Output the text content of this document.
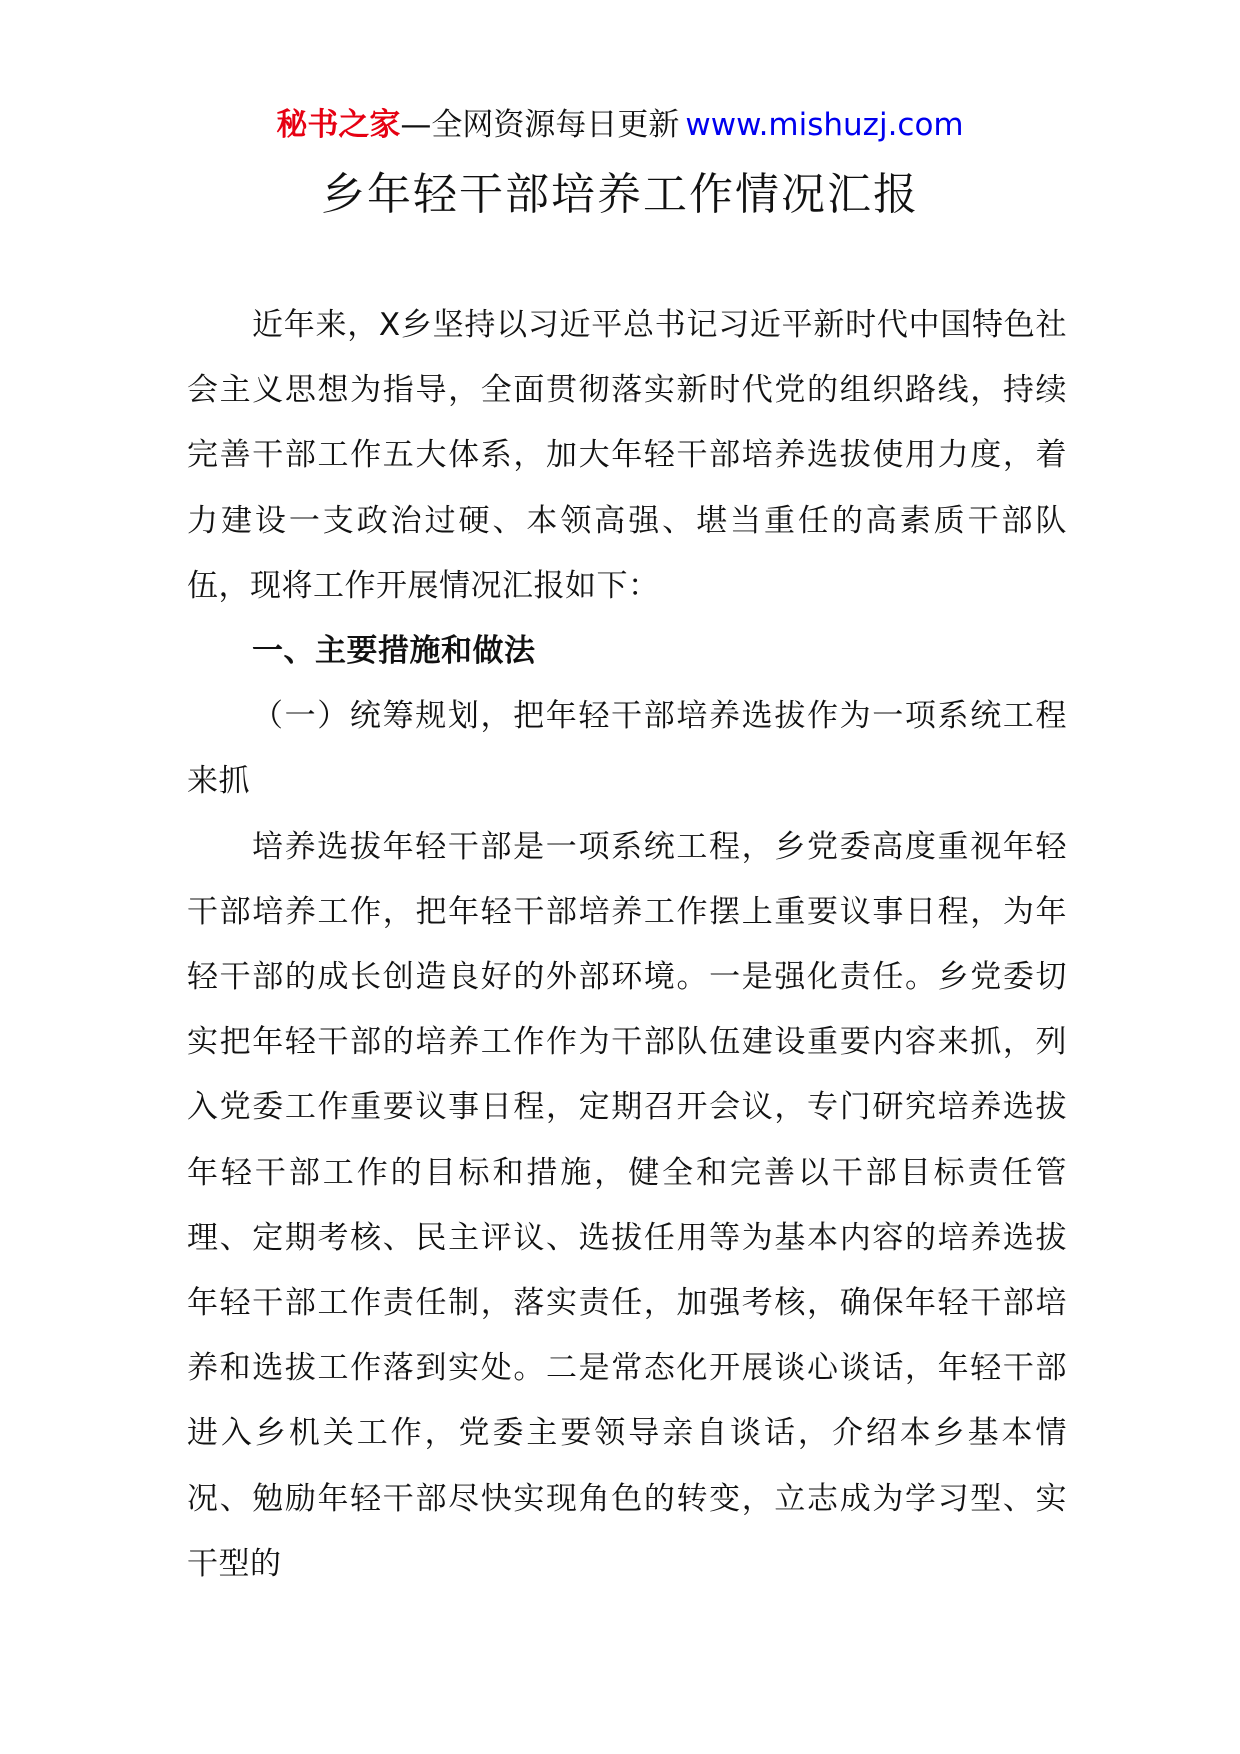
秘书之家—全网资源每日更新 www.mishuzj.com
乡年轻干部培养工作情况汇报

近年来，X乡坚持以习近平总书记习近平新时代中国特色社会主义思想为指导，全面贯彻落实新时代党的组织路线，持续完善干部工作五大体系，加大年轻干部培养选拔使用力度，着力建设一支政治过硬、本领高强、堪当重任的高素质干部队伍，现将工作开展情况汇报如下：

一、主要措施和做法

（一）统筹规划，把年轻干部培养选拔作为一项系统工程来抓

培养选拔年轻干部是一项系统工程，乡党委高度重视年轻干部培养工作，把年轻干部培养工作摆上重要议事日程，为年轻干部的成长创造良好的外部环境。一是强化责任。乡党委切实把年轻干部的培养工作作为干部队伍建设重要内容来抓，列入党委工作重要议事日程，定期召开会议，专门研究培养选拔年轻干部工作的目标和措施，健全和完善以干部目标责任管理、定期考核、民主评议、选拔任用等为基本内容的培养选拔年轻干部工作责任制，落实责任，加强考核，确保年轻干部培养和选拔工作落到实处。二是常态化开展谈心谈话，年轻干部进入乡机关工作，党委主要领导亲自谈话，介绍本乡基本情况、勉励年轻干部尽快实现角色的转变，立志成为学习型、实干型的
